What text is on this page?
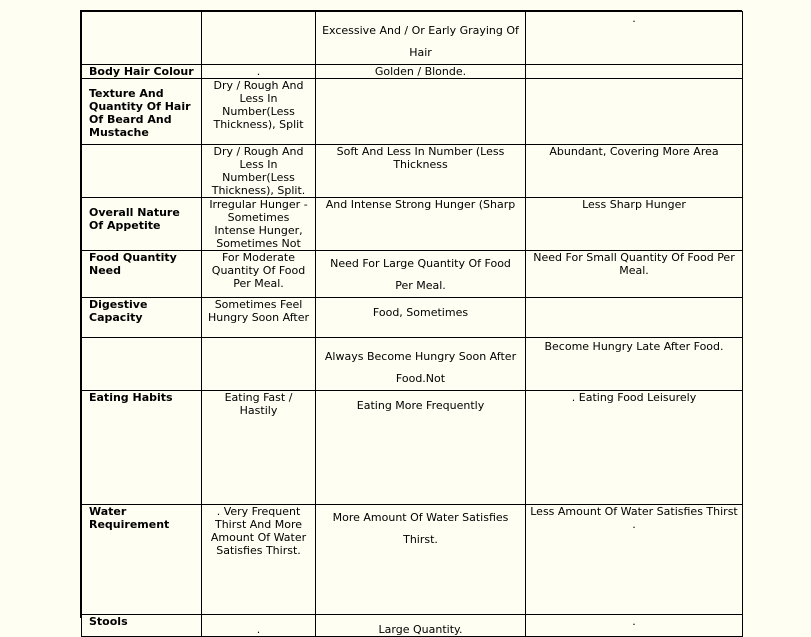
		Excessive And / Or Early Graying Of Hair	.
Body Hair Colour	.	Golden / Blonde.	
Texture And Quantity Of Hair Of Beard And Mustache	Dry / Rough And Less In Number(Less Thickness), Split		
	Dry / Rough And Less In Number(Less Thickness), Split.	Soft And Less In Number (Less Thickness	Abundant, Covering More Area
Overall Nature Of Appetite	Irregular Hunger - Sometimes Intense Hunger, Sometimes Not	And Intense Strong Hunger (Sharp	Less Sharp Hunger
Food Quantity Need	For Moderate Quantity Of Food Per Meal.	Need For Large Quantity Of Food Per Meal.	Need For Small Quantity Of Food Per Meal.
Digestive Capacity	Sometimes Feel Hungry Soon After	Food, Sometimes	
		Always Become Hungry Soon After Food.Not	Become Hungry Late After Food.
Eating Habits	Eating Fast / Hastily	Eating More Frequently	. Eating Food Leisurely
Water Requirement	. Very Frequent Thirst And More Amount Of Water Satisfies Thirst.	More Amount Of Water Satisfies Thirst.	Less Amount Of Water Satisfies Thirst .
Stools	.	Large Quantity.	.
